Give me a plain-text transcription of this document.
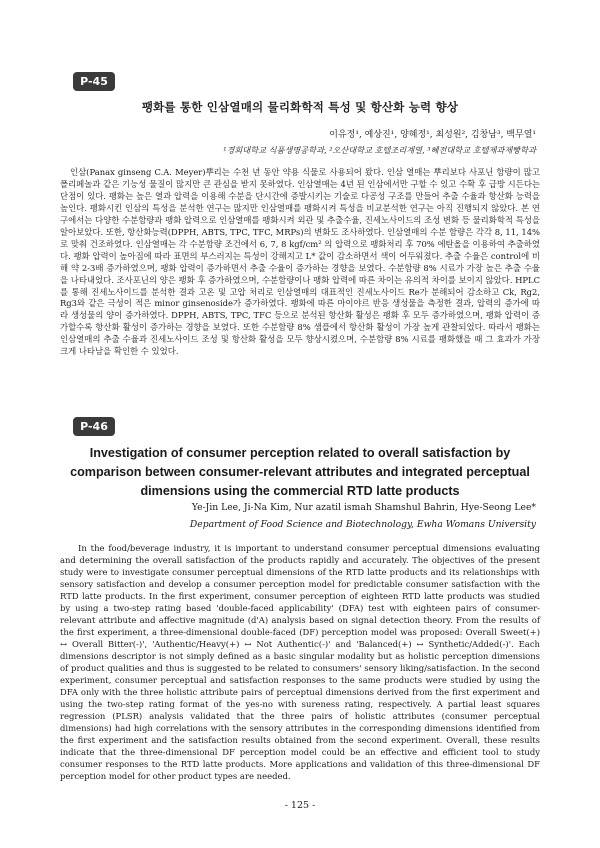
P-45
팽화를 통한 인삼열매의 물리화학적 특성 및 항산화 능력 향상
이유정¹, 예상진¹, 양혜정¹, 최성원², 김창남³, 백무열¹
¹경희대학교 식품생명공학과, ²오산대학교 호텔조리계열, ³혜전대학교 호텔제과제빵학과

인삼(Panax ginseng C.A. Meyer)뿌리는 수천 년 동안 약용 식물로 사용되어 왔다. 인삼 열매는 뿌리보다 사포닌 함량이 많고 폴리페놀과 같은 기능성 물질이 많지만 큰 관심을 받지 못하였다. 인삼열매는 4년 된 인삼에서만 구할 수 있고 수확 후 급방 시든다는 단점이 있다. 팽화는 높은 열과 압력을 이용해 수분을 단시간에 증발시키는 기술로 다공성 구조를 만들어 추출 수율과 항산화 능력을 높인다. 팽화시킨 인삼의 특성을 분석한 연구는 많지만 인삼열매를 팽화시켜 특성을 비교분석한 연구는 아직 진행되지 않았다. 본 연구에서는 다양한 수분함량과 팽화 압력으로 인삼열매를 팽화시켜 외관 및 추출수율, 진세노사이드의 조성 변화 등 물리화학적 특성을 알아보았다. 또한, 항산화능력(DPPH, ABTS, TPC, TFC, MRPs)의 변화도 조사하였다. 인삼열매의 수분 함량은 각각 8, 11, 14%로 맞춰 건조하였다. 인삼열매는 각 수분함량 조건에서 6, 7, 8 kgf/cm² 의 압력으로 팽화처리 후 70% 에탄올을 이용하여 추출하였다. 팽화 압력이 높아짐에 따라 표면의 부스러지는 특성이 강해지고 L* 값이 감소하면서 색이 어두워졌다. 추출 수율은 control에 비해 약 2-3배 증가하였으며, 팽화 압력이 증가하면서 추출 수율이 증가하는 경향을 보였다. 수분함량 8% 시료가 가장 높은 추출 수율을 나타내었다. 조사포닌의 양은 팽화 후 증가하였으며, 수분함량이나 팽화 압력에 따른 차이는 유의적 차이를 보이지 않았다. HPLC를 통해 진세노사이드를 분석한 결과 고온 및 고압 처리로 인삼열매의 대표적인 진세노사이드 Re가 분해되어 감소하고 Ck, Rg2, Rg3와 같은 극성이 적은 minor ginsenoside가 증가하였다. 팽화에 따른 마이야르 반응 생성물을 측정한 결과, 압력의 증가에 따라 생성물의 양이 증가하였다. DPPH, ABTS, TPC, TFC 등으로 분석된 항산화 활성은 팽화 후 모두 증가하였으며, 팽화 압력이 증가할수록 항산화 활성이 증가하는 경향을 보였다. 또한 수분함량 8% 샘플에서 항산화 활성이 가장 높게 관찰되었다. 따라서 팽화는 인삼열매의 추출 수율과 진세노사이드 조성 및 항산화 활성을 모두 향상시켰으며, 수분함량 8% 시료를 팽화했을 때 그 효과가 가장 크게 나타남을 확인한 수 있었다.

P-46
Investigation of consumer perception related to overall satisfaction by comparison between consumer-relevant attributes and integrated perceptual dimensions using the commercial RTD latte products
Ye-Jin Lee, Ji-Na Kim, Nur azatil ismah Shamshul Bahrin, Hye-Seong Lee*
Department of Food Science and Biotechnology, Ewha Womans University

In the food/beverage industry, it is important to understand consumer perceptual dimensions evaluating and determining the overall satisfaction of the products rapidly and accurately. The objectives of the present study were to investigate consumer perceptual dimensions of the RTD latte products and its relationships with sensory satisfaction and develop a consumer perception model for predictable consumer satisfaction with the RTD latte products. In the first experiment, consumer perception of eighteen RTD latte products was studied by using a two-step rating based 'double-faced applicability' (DFA) test with eighteen pairs of consumer-relevant attribute and affective magnitude (d'A) analysis based on signal detection theory. From the results of the first experiment, a three-dimensional double-faced (DF) perception model was proposed: Overall Sweet(+) ↔ Overall Bitter(-)', 'Authentic/Heavy(+) ↔ Not Authentic(-)' and 'Balanced(+) ↔ Synthetic/Added(-)'. Each dimensions descriptor is not simply defined as a basic singular modality but as holistic perception dimensions of product qualities and thus is suggested to be related to consumers' sensory liking/satisfaction. In the second experiment, consumer perceptual and satisfaction responses to the same products were studied by using the DFA only with the three holistic attribute pairs of perceptual dimensions derived from the first experiment and using the two-step rating format of the yes-no with sureness rating, respectively. A partial least squares regression (PLSR) analysis validated that the three pairs of holistic attributes (consumer perceptual dimensions) had high correlations with the sensory attributes in the corresponding dimensions identified from the first experiment and the satisfaction results obtained from the second experiment. Overall, these results indicate that the three-dimensional DF perception model could be an effective and efficient tool to study consumer responses to the RTD latte products. More applications and validation of this three-dimensional DF perception model for other product types are needed.

- 125 -
